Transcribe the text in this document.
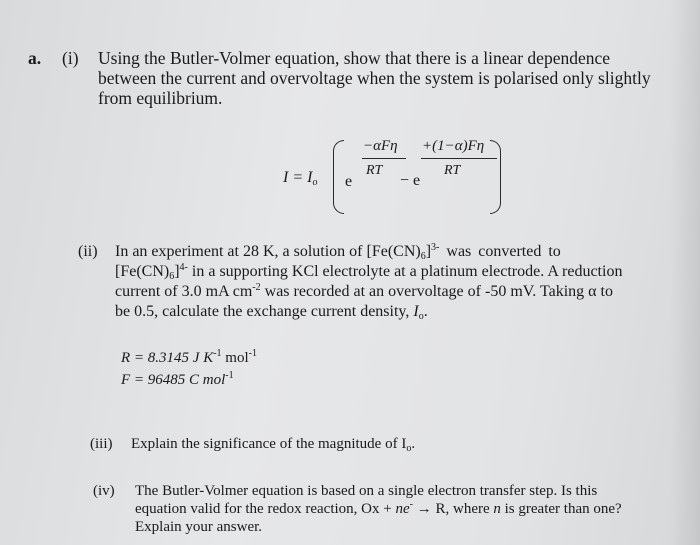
a. (i) Using the Butler-Volmer equation, show that there is a linear dependence
between the current and overvoltage when the system is polarised only slightly
from equilibrium.
$I = I_o$ e
−αFη
RT
− e
+(1−α)Fη
RT
(ii) In an experiment at 28 K, a solution of $[Fe(CN)_6]^{3-}$ was converted to
$[Fe(CN)_6]^{4-}$ in a supporting KCl electrolyte at a platinum electrode. A reduction
current of 3.0 mA $cm^{-2}$ was recorded at an overvoltage of -50 mV. Taking α to
be 0.5, calculate the exchange current density, $I_o$.
R = 8.3145 J $K^{-1}$ mol$^{-1}$
F = 96485 C mol$^{-1}$
(iii) Explain the significance of the magnitude of $I_o$.
(iv) The Butler-Volmer equation is based on a single electron transfer step. Is this
equation valid for the redox reaction, Ox + ne- → R, where n is greater than one?
Explain your answer.
